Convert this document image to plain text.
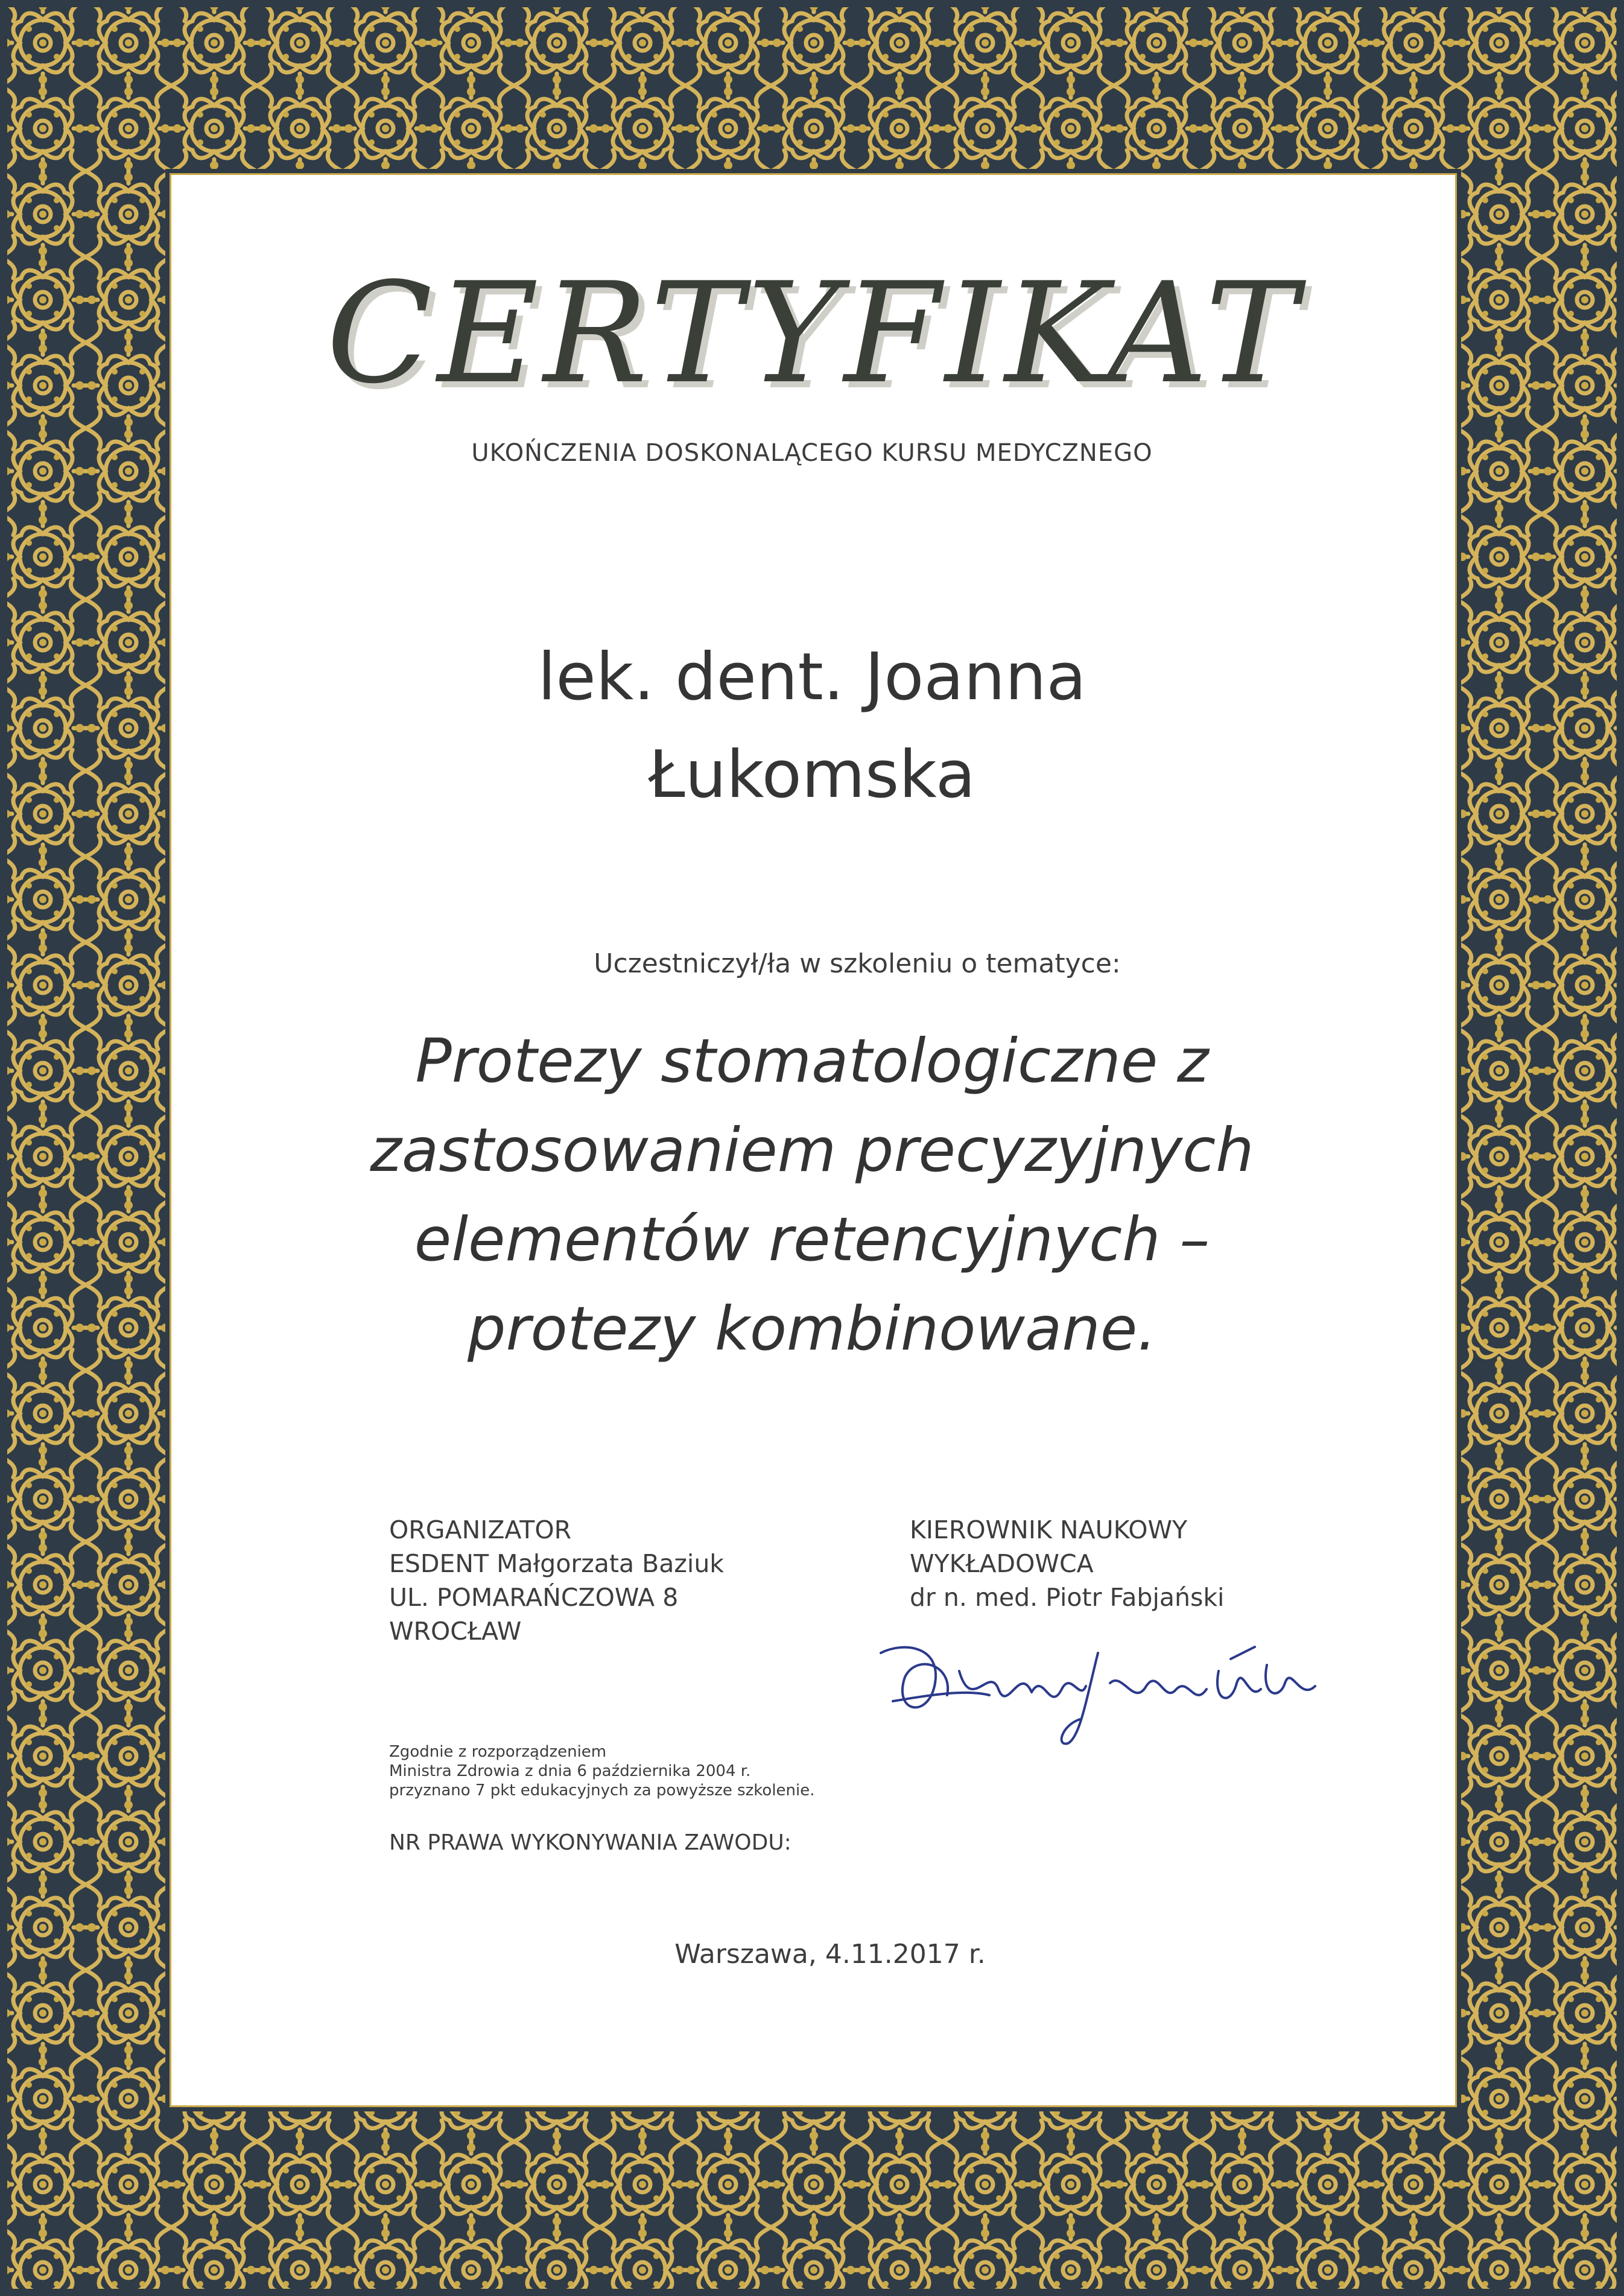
CERTYFIKAT
UKOŃCZENIA DOSKONALĄCEGO KURSU MEDYCZNEGO
lek. dent. Joanna
Łukomska
Uczestniczył/ła w szkoleniu o tematyce:
Protezy stomatologiczne z
zastosowaniem precyzyjnych
elementów retencyjnych –
protezy kombinowane.
ORGANIZATOR
ESDENT Małgorzata Baziuk
UL. POMARAŃCZOWA 8
WROCŁAW
KIEROWNIK NAUKOWY
WYKŁADOWCA
dr n. med. Piotr Fabjański
Zgodnie z rozporządzeniem
Ministra Zdrowia z dnia 6 października 2004 r.
przyznano 7 pkt edukacyjnych za powyższe szkolenie.
NR PRAWA WYKONYWANIA ZAWODU:
Warszawa, 4.11.2017 r.
